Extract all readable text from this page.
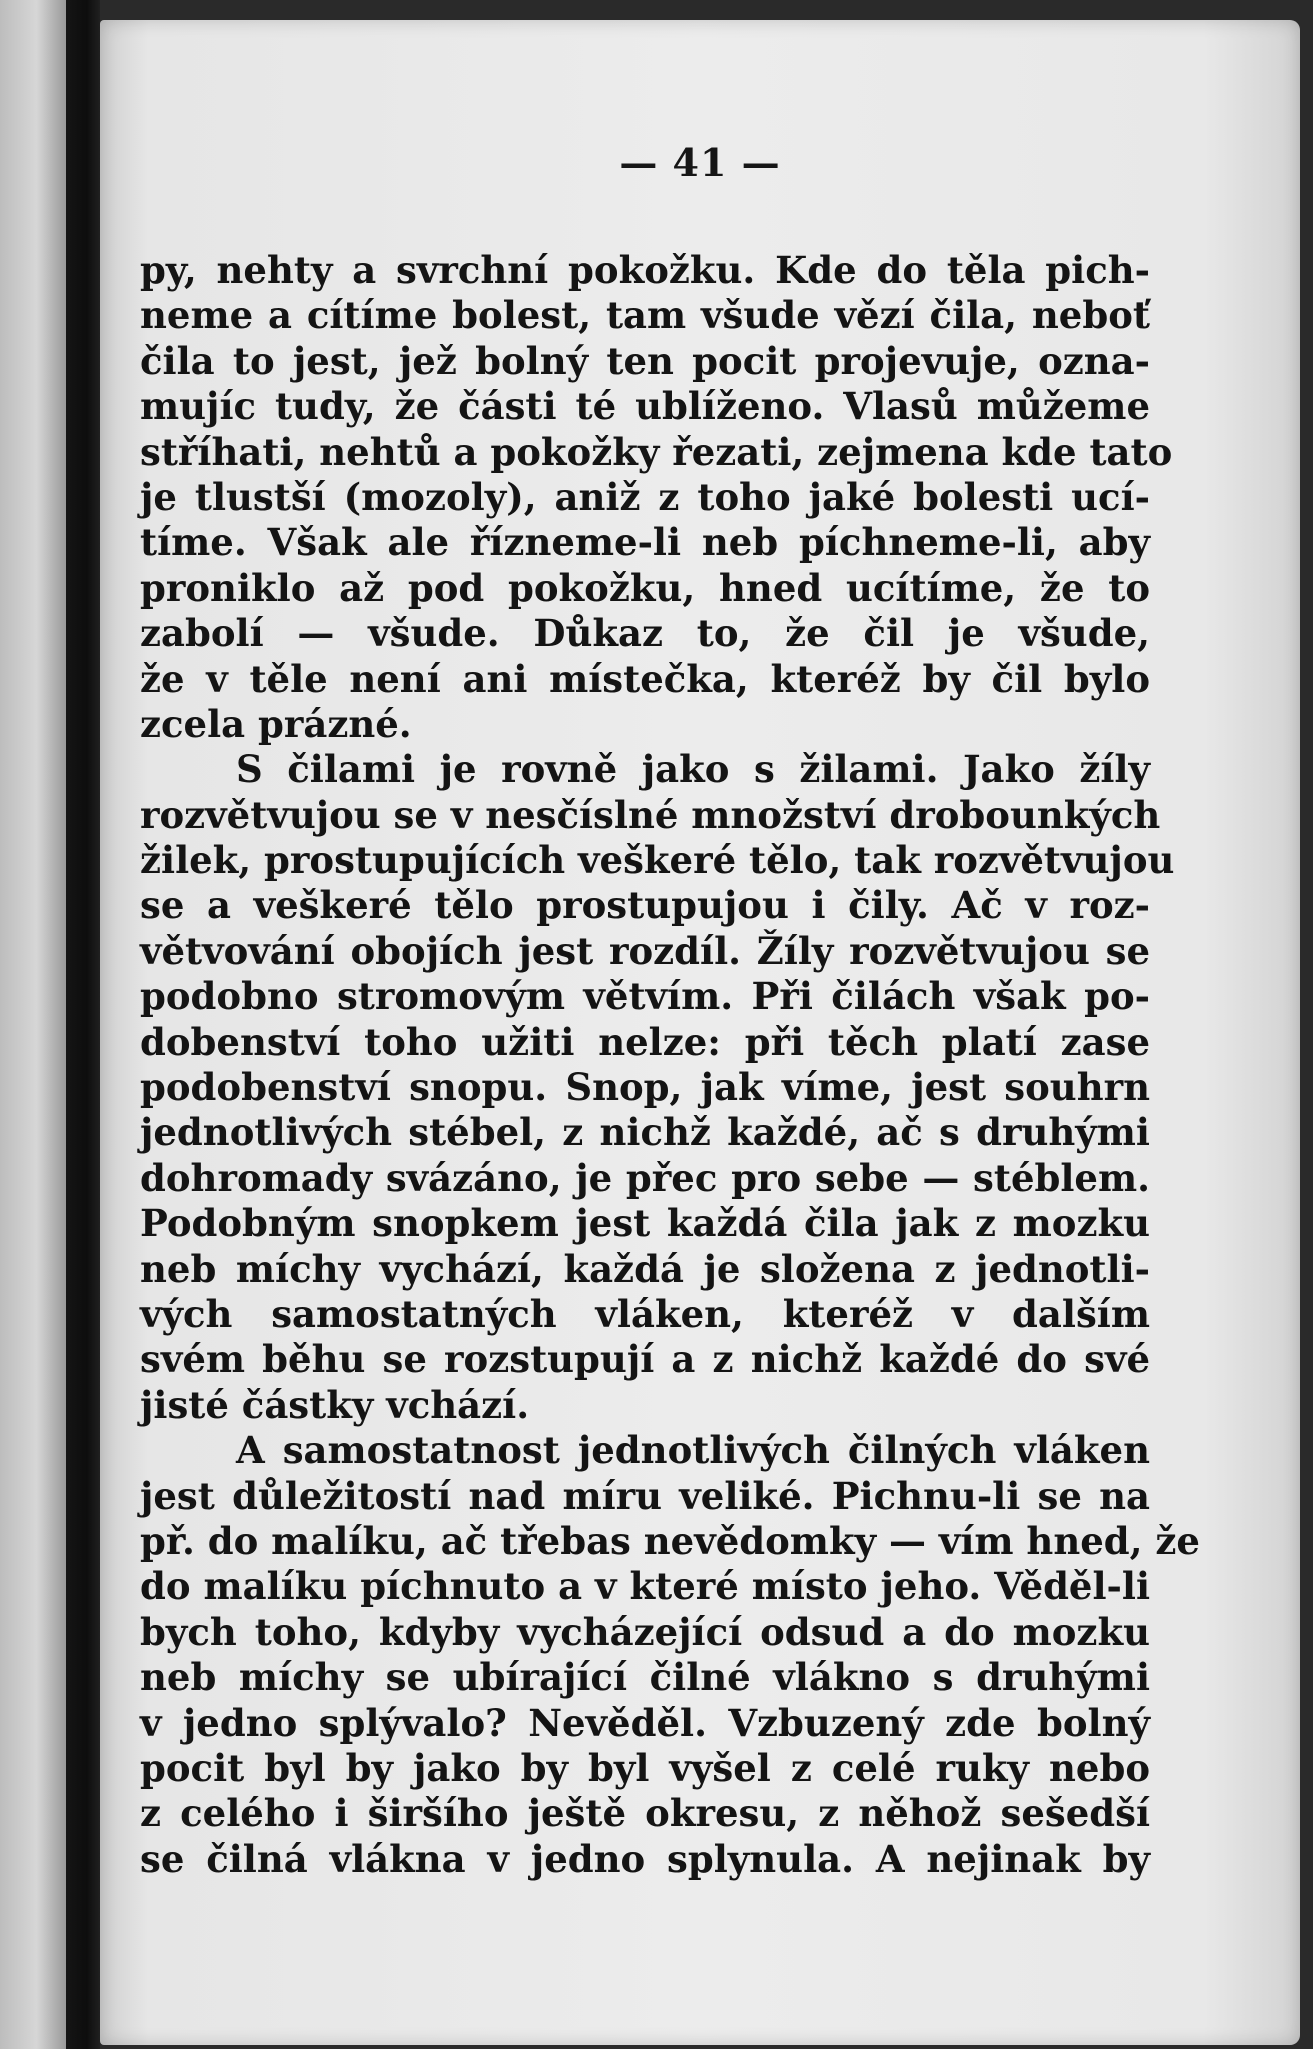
— 41 —
py, nehty a svrchní pokožku. Kde do těla pich-
neme a cítíme bolest, tam všude vězí čila, neboť
čila to jest, jež bolný ten pocit projevuje, ozna-
mujíc tudy, že části té ublíženo. Vlasů můžeme
stříhati, nehtů a pokožky řezati, zejmena kde tato
je tlustší (mozoly), aniž z toho jaké bolesti ucí-
tíme. Však ale řízneme-li neb píchneme-li, aby
proniklo až pod pokožku, hned ucítíme, že to
zabolí — všude. Důkaz to, že čil je všude,
že v těle není ani místečka, kteréž by čil bylo
zcela prázné.
S čilami je rovně jako s žilami. Jako žíly
rozvětvujou se v nesčíslné množství drobounkých
žilek, prostupujících veškeré tělo, tak rozvětvujou
se a veškeré tělo prostupujou i čily. Ač v roz-
větvování obojích jest rozdíl. Žíly rozvětvujou se
podobno stromovým větvím. Při čilách však po-
dobenství toho užiti nelze: při těch platí zase
podobenství snopu. Snop, jak víme, jest souhrn
jednotlivých stébel, z nichž každé, ač s druhými
dohromady svázáno, je přec pro sebe — stéblem.
Podobným snopkem jest každá čila jak z mozku
neb míchy vychází, každá je složena z jednotli-
vých samostatných vláken, kteréž v dalším
svém běhu se rozstupují a z nichž každé do své
jisté částky vchází.
A samostatnost jednotlivých čilných vláken
jest důležitostí nad míru veliké. Pichnu-li se na
př. do malíku, ač třebas nevědomky — vím hned, že
do malíku píchnuto a v které místo jeho. Věděl-li
bych toho, kdyby vycházející odsud a do mozku
neb míchy se ubírající čilné vlákno s druhými
v jedno splývalo? Nevěděl. Vzbuzený zde bolný
pocit byl by jako by byl vyšel z celé ruky nebo
z celého i širšího ještě okresu, z něhož sešedší
se čilná vlákna v jedno splynula. A nejinak by
